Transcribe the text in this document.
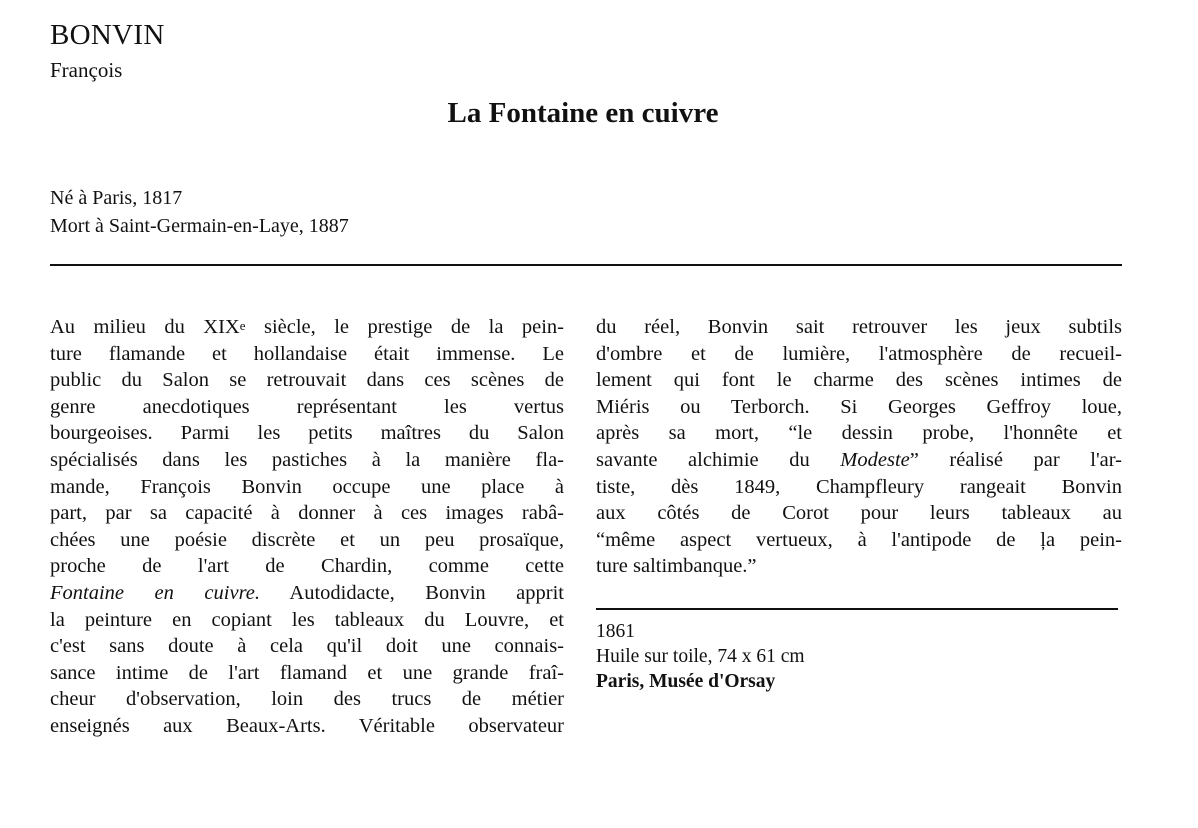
BONVIN
François
La Fontaine en cuivre
Né à Paris, 1817
Mort à Saint-Germain-en-Laye, 1887
Au milieu du XIXe siècle, le prestige de la pein-
ture flamande et hollandaise était immense. Le
public du Salon se retrouvait dans ces scènes de
genre anecdotiques représentant les vertus
bourgeoises. Parmi les petits maîtres du Salon
spécialisés dans les pastiches à la manière fla-
mande, François Bonvin occupe une place à
part, par sa capacité à donner à ces images rabâ-
chées une poésie discrète et un peu prosaïque,
proche de l'art de Chardin, comme cette
Fontaine en cuivre. Autodidacte, Bonvin apprit
la peinture en copiant les tableaux du Louvre, et
c'est sans doute à cela qu'il doit une connais-
sance intime de l'art flamand et une grande fraî-
cheur d'observation, loin des trucs de métier
enseignés aux Beaux-Arts. Véritable observateur
du réel, Bonvin sait retrouver les jeux subtils
d'ombre et de lumière, l'atmosphère de recueil-
lement qui font le charme des scènes intimes de
Miéris ou Terborch. Si Georges Geffroy loue,
après sa mort, “le dessin probe, l'honnête et
savante alchimie du Modeste” réalisé par l'ar-
tiste, dès 1849, Champfleury rangeait Bonvin
aux côtés de Corot pour leurs tableaux au
“même aspect vertueux, à l'antipode de ļa pein-
ture saltimbanque.”
1861
Huile sur toile, 74 x 61 cm
Paris, Musée d'Orsay
